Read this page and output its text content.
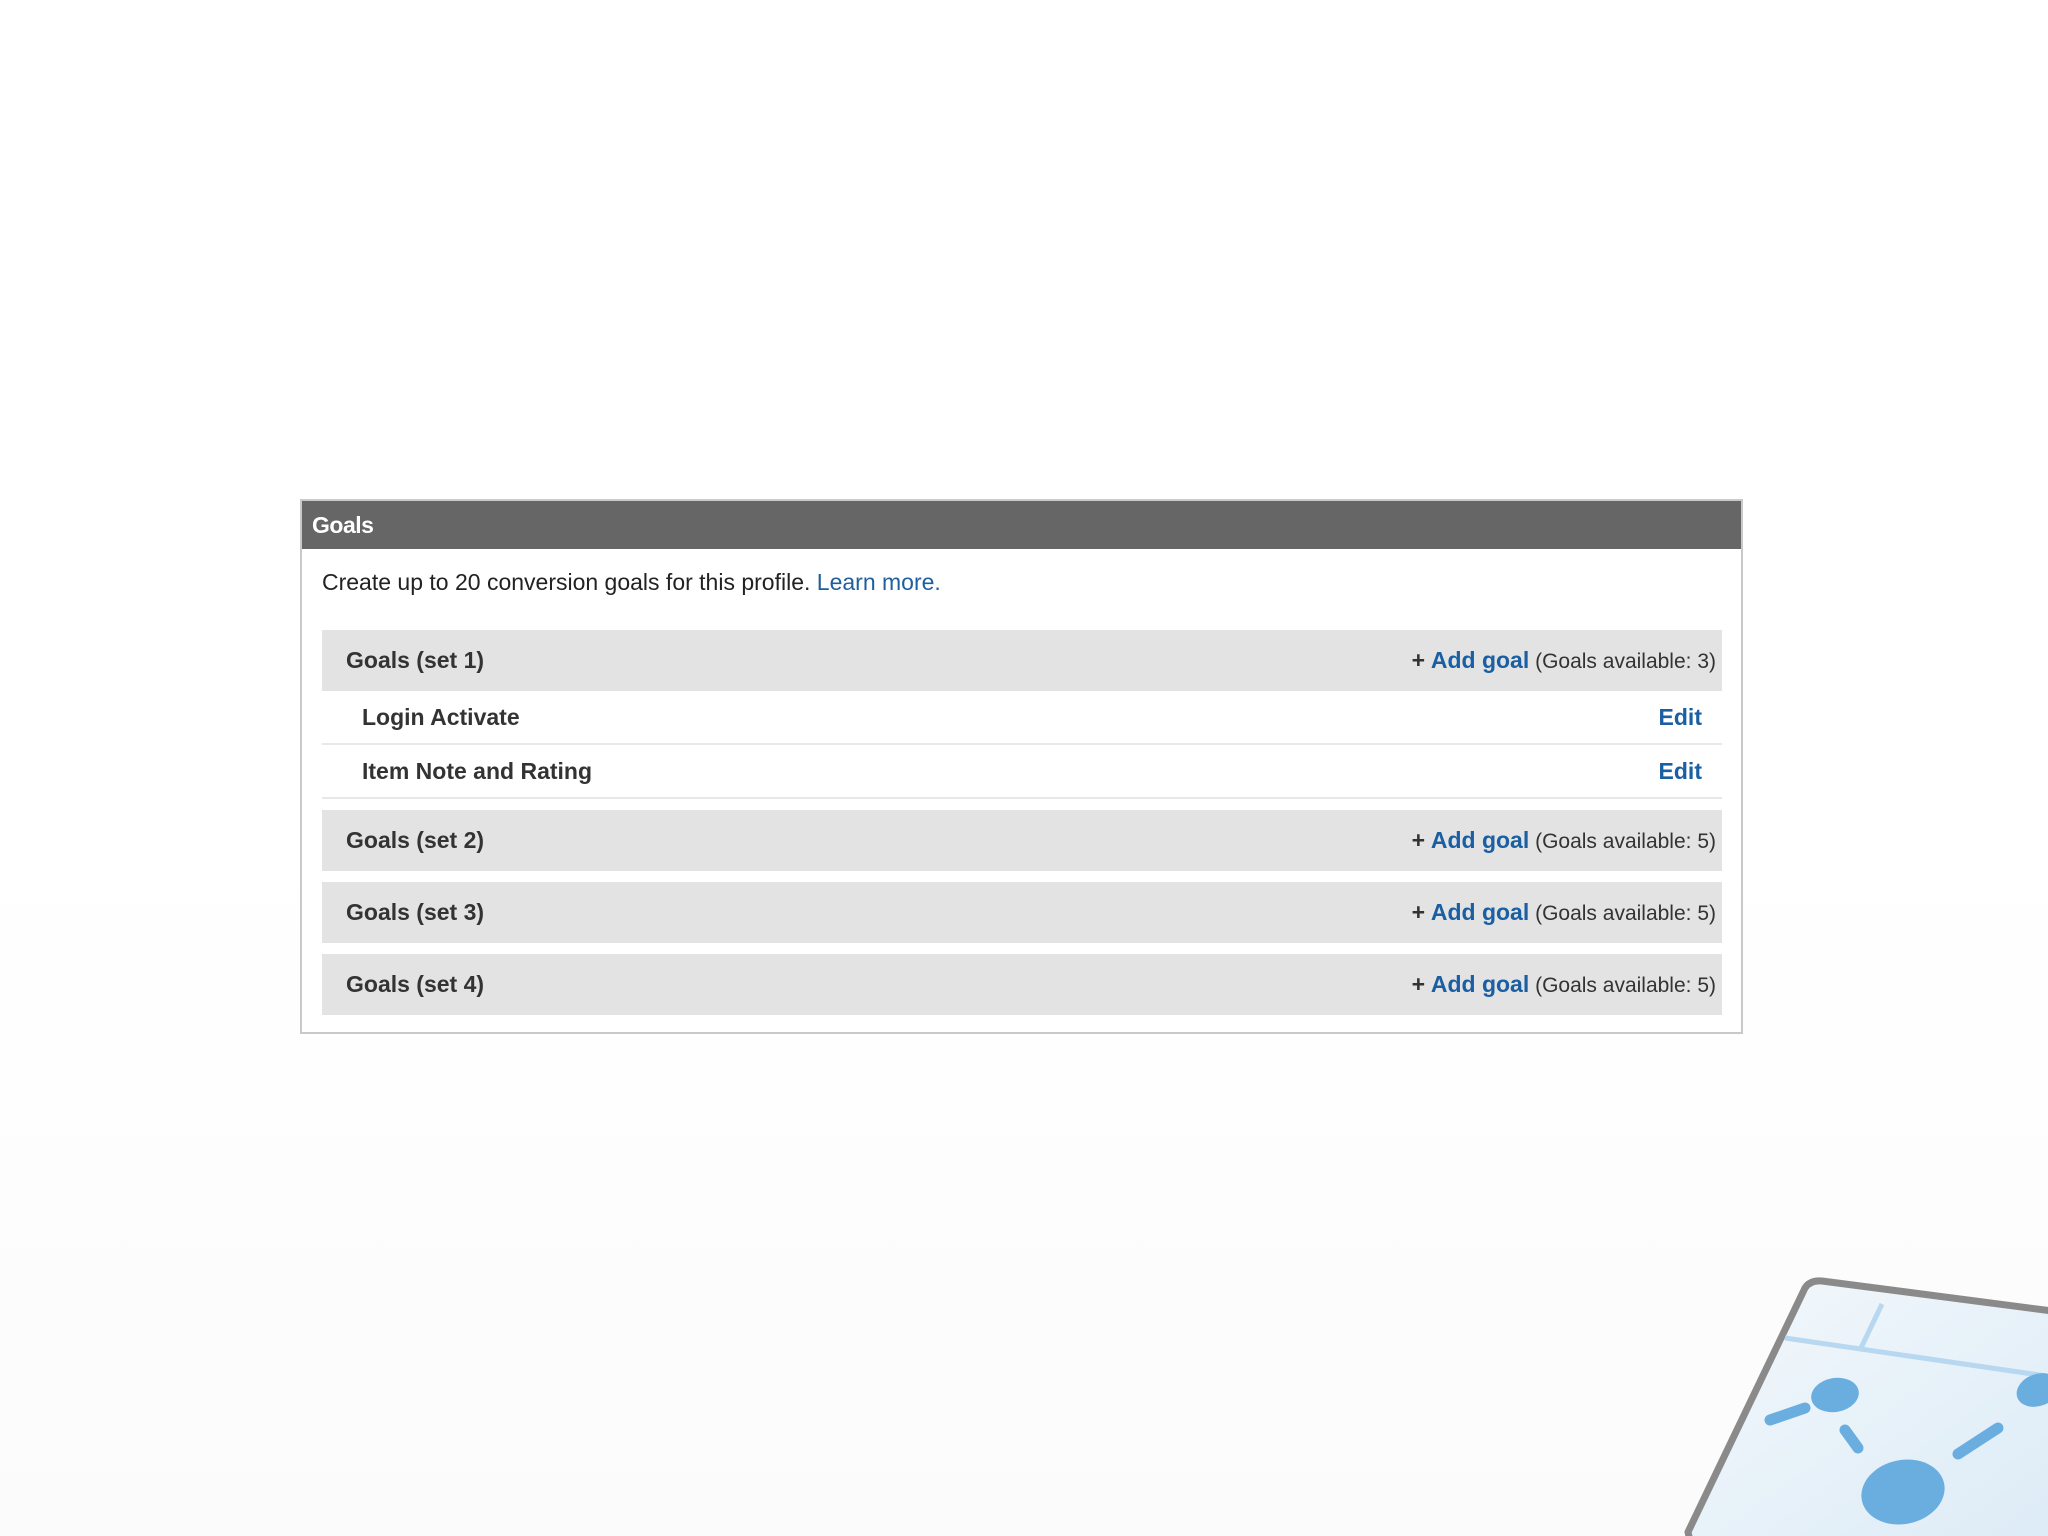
Goals
Create up to 20 conversion goals for this profile. Learn more.
Goals (set 1)	+ Add goal (Goals available: 3)
Login Activate	Edit
Item Note and Rating	Edit
Goals (set 2)	+ Add goal (Goals available: 5)
Goals (set 3)	+ Add goal (Goals available: 5)
Goals (set 4)	+ Add goal (Goals available: 5)
